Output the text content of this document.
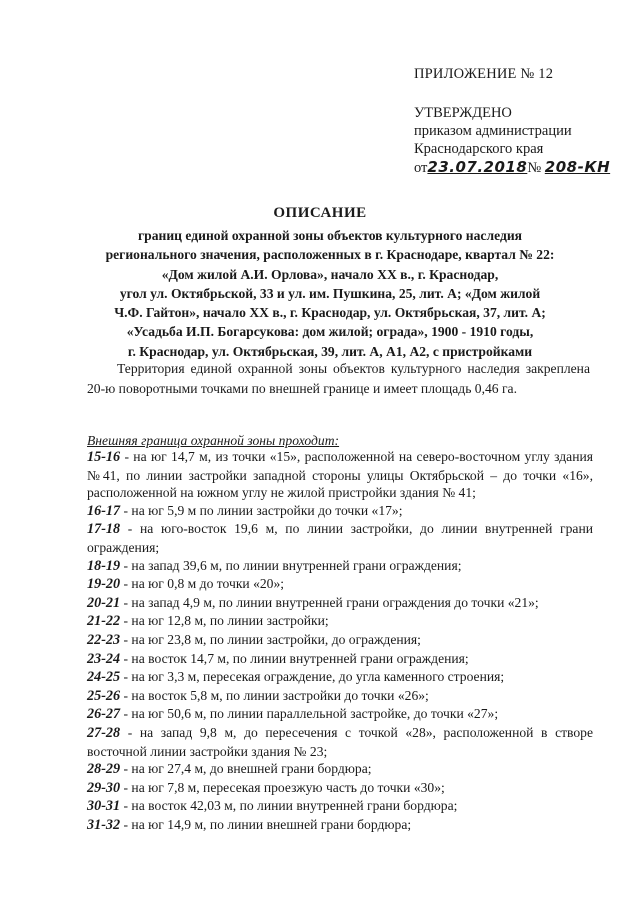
ПРИЛОЖЕНИЕ № 12
УТВЕРЖДЕНО
приказом администрации
Краснодарского края
от23.07.2018№ 208-КН
ОПИСАНИЕ
границ единой охранной зоны объектов культурного наследия
регионального значения, расположенных в г. Краснодаре, квартал № 22:
«Дом жилой А.И. Орлова», начало XX в., г. Краснодар,
угол ул. Октябрьской, 33 и ул. им. Пушкина, 25, лит. А; «Дом жилой
Ч.Ф. Гайтон», начало XX в., г. Краснодар, ул. Октябрьская, 37, лит. А;
«Усадьба И.П. Богарсукова: дом жилой; ограда», 1900 - 1910 годы,
г. Краснодар, ул. Октябрьская, 39, лит. А, А1, А2, с пристройками

Территория единой охранной зоны объектов культурного наследия закреплена 20-ю поворотными точками по внешней границе и имеет площадь 0,46 га.

Внешняя граница охранной зоны проходит:

15-16 - на юг 14,7 м, из точки «15», расположенной на северо-восточном углу здания №41, по линии застройки западной стороны улицы Октябрьской – до точки «16», расположенной на южном углу не жилой пристройки здания № 41;

16-17 - на юг 5,9 м по линии застройки до точки «17»;

17-18 - на юго-восток 19,6 м, по линии застройки, до линии внутренней грани ограждения;

18-19 - на запад 39,6 м, по линии внутренней грани ограждения;

19-20 - на юг 0,8 м до точки «20»;

20-21 - на запад 4,9 м, по линии внутренней грани ограждения до точки «21»;

21-22 - на юг 12,8 м, по линии застройки;

22-23 - на юг 23,8 м, по линии застройки, до ограждения;

23-24 - на восток 14,7 м, по линии внутренней грани ограждения;

24-25 - на юг 3,3 м, пересекая ограждение, до угла каменного строения;

25-26 - на восток 5,8 м, по линии застройки до точки «26»;

26-27 - на юг 50,6 м, по линии параллельной застройке, до точки «27»;

27-28 - на запад 9,8 м, до пересечения с точкой «28», расположенной в створе восточной линии застройки здания № 23;

28-29 - на юг 27,4 м, до внешней грани бордюра;

29-30 - на юг 7,8 м, пересекая проезжую часть до точки «30»;

30-31 - на восток 42,03 м, по линии внутренней грани бордюра;

31-32 - на юг 14,9 м, по линии внешней грани бордюра;
